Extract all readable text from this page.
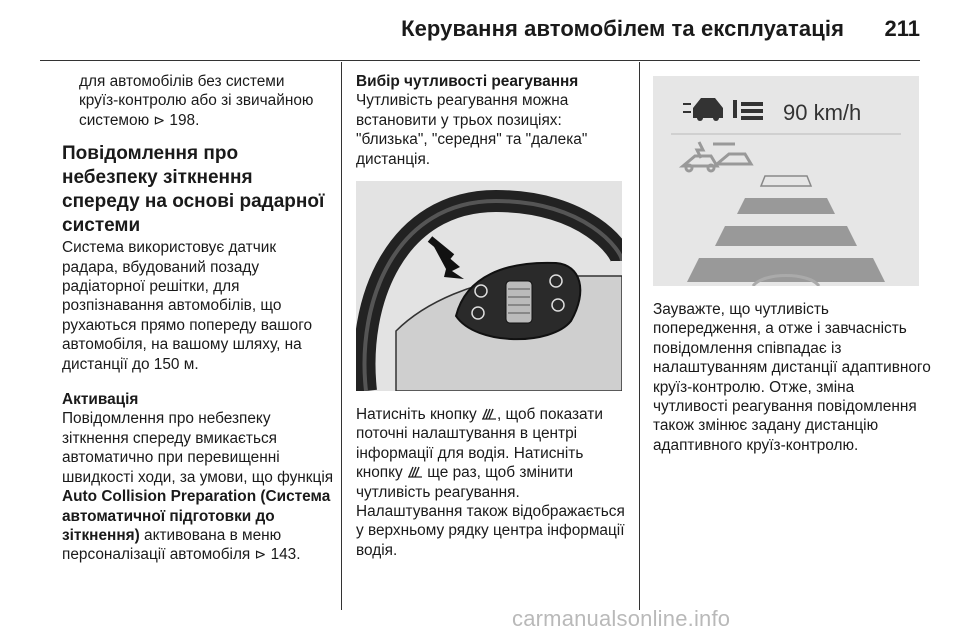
Керування автомобілем та експлуатація 211

для автомобілів без системи

круїз-контролю або зі звичайною

системою ⊳ 198.

Повідомлення про небезпеку зіткнення спереду на основі радарної системи

Система використовує датчик радара, вбудований позаду радіаторної решітки, для розпізнавання автомобілів, що рухаються прямо попереду вашого автомобіля, на вашому шляху, на дистанції до 150 м.

Активація

Повідомлення про небезпеку зіткнення спереду вмикається автоматично при перевищенні швидкості ходи, за умови, що функція Auto Collision Preparation (Система автоматичної підготовки до зіткнення) активована в меню персоналізації автомобіля ⊳ 143.

Вибір чутливості реагування

Чутливість реагування можна встановити у трьох позиціях: "близька", "середня" та "далека" дистанція.

Натисніть кнопку , щоб показати поточні налаштування в центрі інформації для водія. Натисніть кнопку ще раз, щоб змінити чутливість реагування.

Налаштування також відображається у верхньому рядку центра інформації водія.

90 km/h

Зауважте, що чутливість попередження, а отже і завчасність повідомлення співпадає із налаштуванням дистанції адаптивного круїз-контролю. Отже, зміна чутливості реагування повідомлення також змінює задану дистанцію адаптивного круїз-контролю.

carmanualsonline.info
